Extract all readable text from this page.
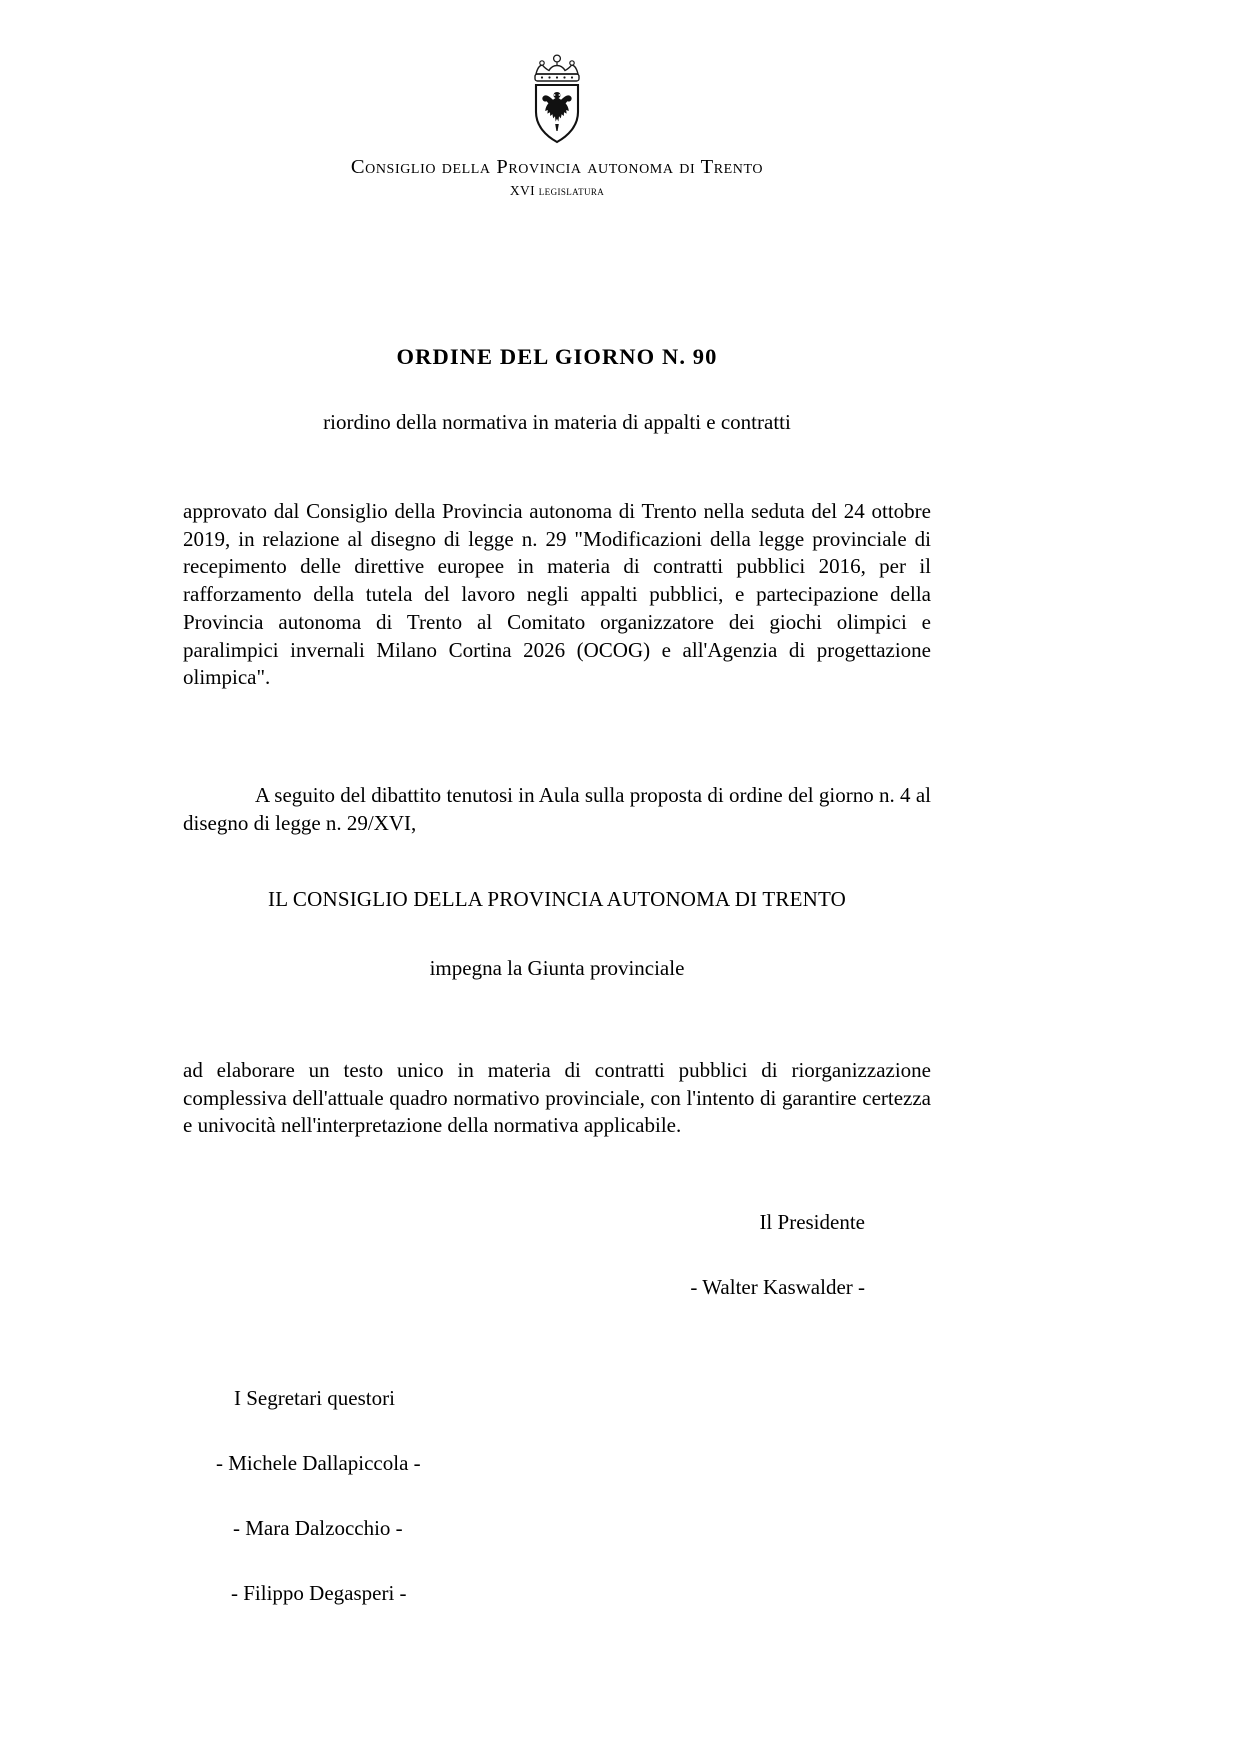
Consiglio della Provincia autonoma di Trento
XVI legislatura
ORDINE DEL GIORNO N. 90
riordino della normativa in materia di appalti e contratti
approvato dal Consiglio della Provincia autonoma di Trento nella seduta del 24 ottobre 2019, in relazione al disegno di legge n. 29 "Modificazioni della legge provinciale di recepimento delle direttive europee in materia di contratti pubblici 2016, per il rafforzamento della tutela del lavoro negli appalti pubblici, e partecipazione della Provincia autonoma di Trento al Comitato organizzatore dei giochi olimpici e paralimpici invernali Milano Cortina 2026 (OCOG) e all'Agenzia di progettazione olimpica".
A seguito del dibattito tenutosi in Aula sulla proposta di ordine del giorno n. 4 al disegno di legge n. 29/XVI,
IL CONSIGLIO DELLA PROVINCIA AUTONOMA DI TRENTO
impegna la Giunta provinciale
ad elaborare un testo unico in materia di contratti pubblici di riorganizzazione complessiva dell'attuale quadro normativo provinciale, con l'intento di garantire certezza e univocità nell'interpretazione della normativa applicabile.
Il Presidente
- Walter Kaswalder -
I Segretari questori
- Michele Dallapiccola -
- Mara Dalzocchio -
- Filippo Degasperi -
